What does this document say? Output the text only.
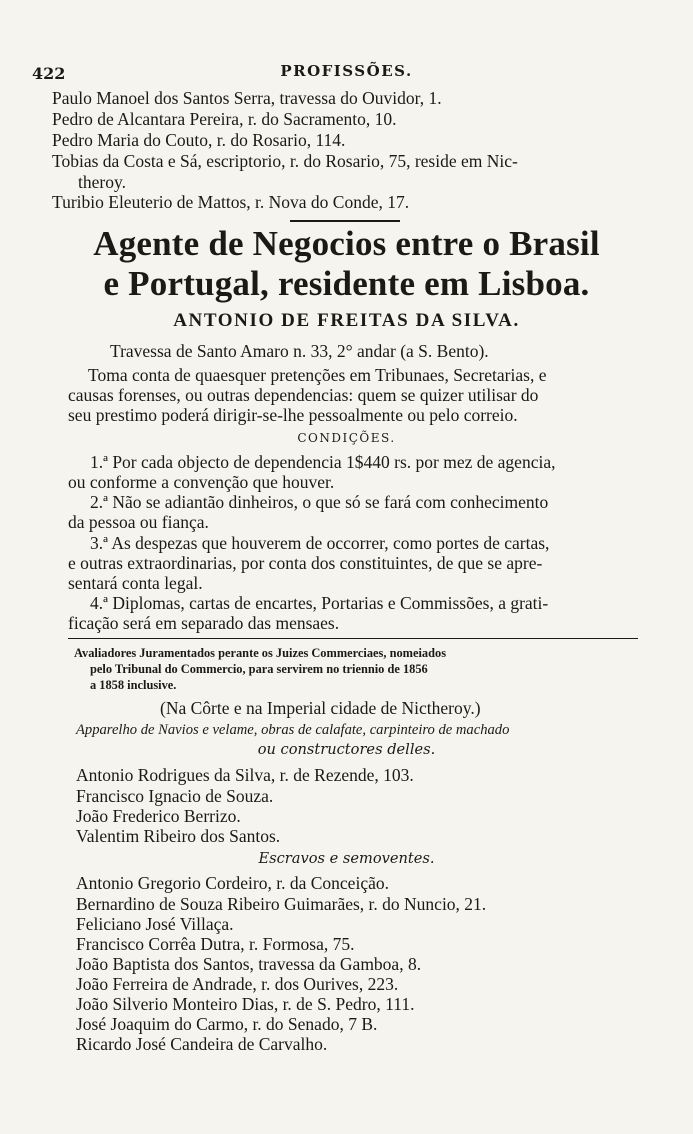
422	PROFISSÕES.
Paulo Manoel dos Santos Serra, travessa do Ouvidor, 1.
Pedro de Alcantara Pereira, r. do Sacramento, 10.
Pedro Maria do Couto, r. do Rosario, 114.
Tobias da Costa e Sá, escriptorio, r. do Rosario, 75, reside em Nic-
theroy.
Turibio Eleuterio de Mattos, r. Nova do Conde, 17.
Agente de Negocios entre o Brasil
e Portugal, residente em Lisboa.
ANTONIO DE FREITAS DA SILVA.
Travessa de Santo Amaro n. 33, 2° andar (a S. Bento).
Toma conta de quaesquer pretenções em Tribunaes, Secretarias, e
causas forenses, ou outras dependencias: quem se quizer utilisar do
seu prestimo poderá dirigir-se-lhe pessoalmente ou pelo correio.
CONDIÇÕES.
1.ª Por cada objecto de dependencia 1$440 rs. por mez de agencia,
ou conforme a convenção que houver.
2.ª Não se adiantão dinheiros, o que só se fará com conhecimento
da pessoa ou fiança.
3.ª As despezas que houverem de occorrer, como portes de cartas,
e outras extraordinarias, por conta dos constituintes, de que se apre-
sentará conta legal.
4.ª Diplomas, cartas de encartes, Portarias e Commissões, a grati-
ficação será em separado das mensaes.
Avaliadores Juramentados perante os Juizes Commerciaes, nomeiados
pelo Tribunal do Commercio, para servirem no triennio de 1856
a 1858 inclusive.
(Na Côrte e na Imperial cidade de Nictheroy.)
Apparelho de Navios e velame, obras de calafate, carpinteiro de machado
ou constructores delles.
Antonio Rodrigues da Silva, r. de Rezende, 103.
Francisco Ignacio de Souza.
João Frederico Berrizo.
Valentim Ribeiro dos Santos.
Escravos e semoventes.
Antonio Gregorio Cordeiro, r. da Conceição.
Bernardino de Souza Ribeiro Guimarães, r. do Nuncio, 21.
Feliciano José Villaça.
Francisco Corrêa Dutra, r. Formosa, 75.
João Baptista dos Santos, travessa da Gamboa, 8.
João Ferreira de Andrade, r. dos Ourives, 223.
João Silverio Monteiro Dias, r. de S. Pedro, 111.
José Joaquim do Carmo, r. do Senado, 7 B.
Ricardo José Candeira de Carvalho.
